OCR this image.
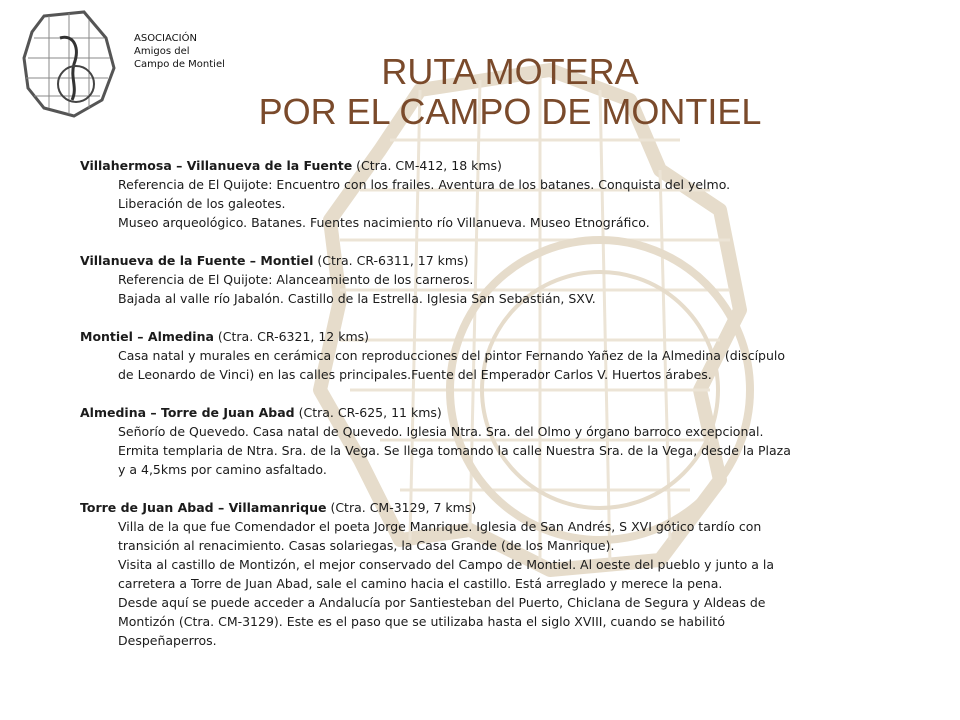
ASOCIACIÓN
Amigos del
Campo de Montiel	RUTA MOTERA
POR EL CAMPO DE MONTIEL
Villahermosa – Villanueva de la Fuente (Ctra. CM-412, 18 kms)
Referencia de El Quijote: Encuentro con los frailes. Aventura de los batanes. Conquista del yelmo.
Liberación de los galeotes.
Museo arqueológico. Batanes. Fuentes nacimiento río Villanueva. Museo Etnográfico.
Villanueva de la Fuente – Montiel (Ctra. CR-6311, 17 kms)
Referencia de El Quijote: Alanceamiento de los carneros.
Bajada al valle río Jabalón. Castillo de la Estrella. Iglesia San Sebastián, SXV.
Montiel – Almedina (Ctra. CR-6321, 12 kms)
Casa natal y murales en cerámica con reproducciones del pintor Fernando Yañez de la Almedina (discípulo
de Leonardo de Vinci) en las calles principales.Fuente del Emperador Carlos V. Huertos árabes.
Almedina – Torre de Juan Abad (Ctra. CR-625, 11 kms)
Señorío de Quevedo. Casa natal de Quevedo. Iglesia Ntra. Sra. del Olmo y órgano barroco excepcional.
Ermita templaria de Ntra. Sra. de la Vega. Se llega tomando la calle Nuestra Sra. de la Vega, desde la Plaza
y a 4,5kms por camino asfaltado.
Torre de Juan Abad – Villamanrique (Ctra. CM-3129, 7 kms)
Villa de la que fue Comendador el poeta Jorge Manrique. Iglesia de San Andrés, S XVI gótico tardío con
transición al renacimiento. Casas solariegas, la Casa Grande (de los Manrique).
Visita al castillo de Montizón, el mejor conservado del Campo de Montiel. Al oeste del pueblo y junto a la
carretera a Torre de Juan Abad, sale el camino hacia el castillo. Está arreglado y merece la pena.
Desde aquí se puede acceder a Andalucía por Santiesteban del Puerto, Chiclana de Segura y Aldeas de
Montizón (Ctra. CM-3129). Este es el paso que se utilizaba hasta el siglo XVIII, cuando se habilitó
Despeñaperros.
